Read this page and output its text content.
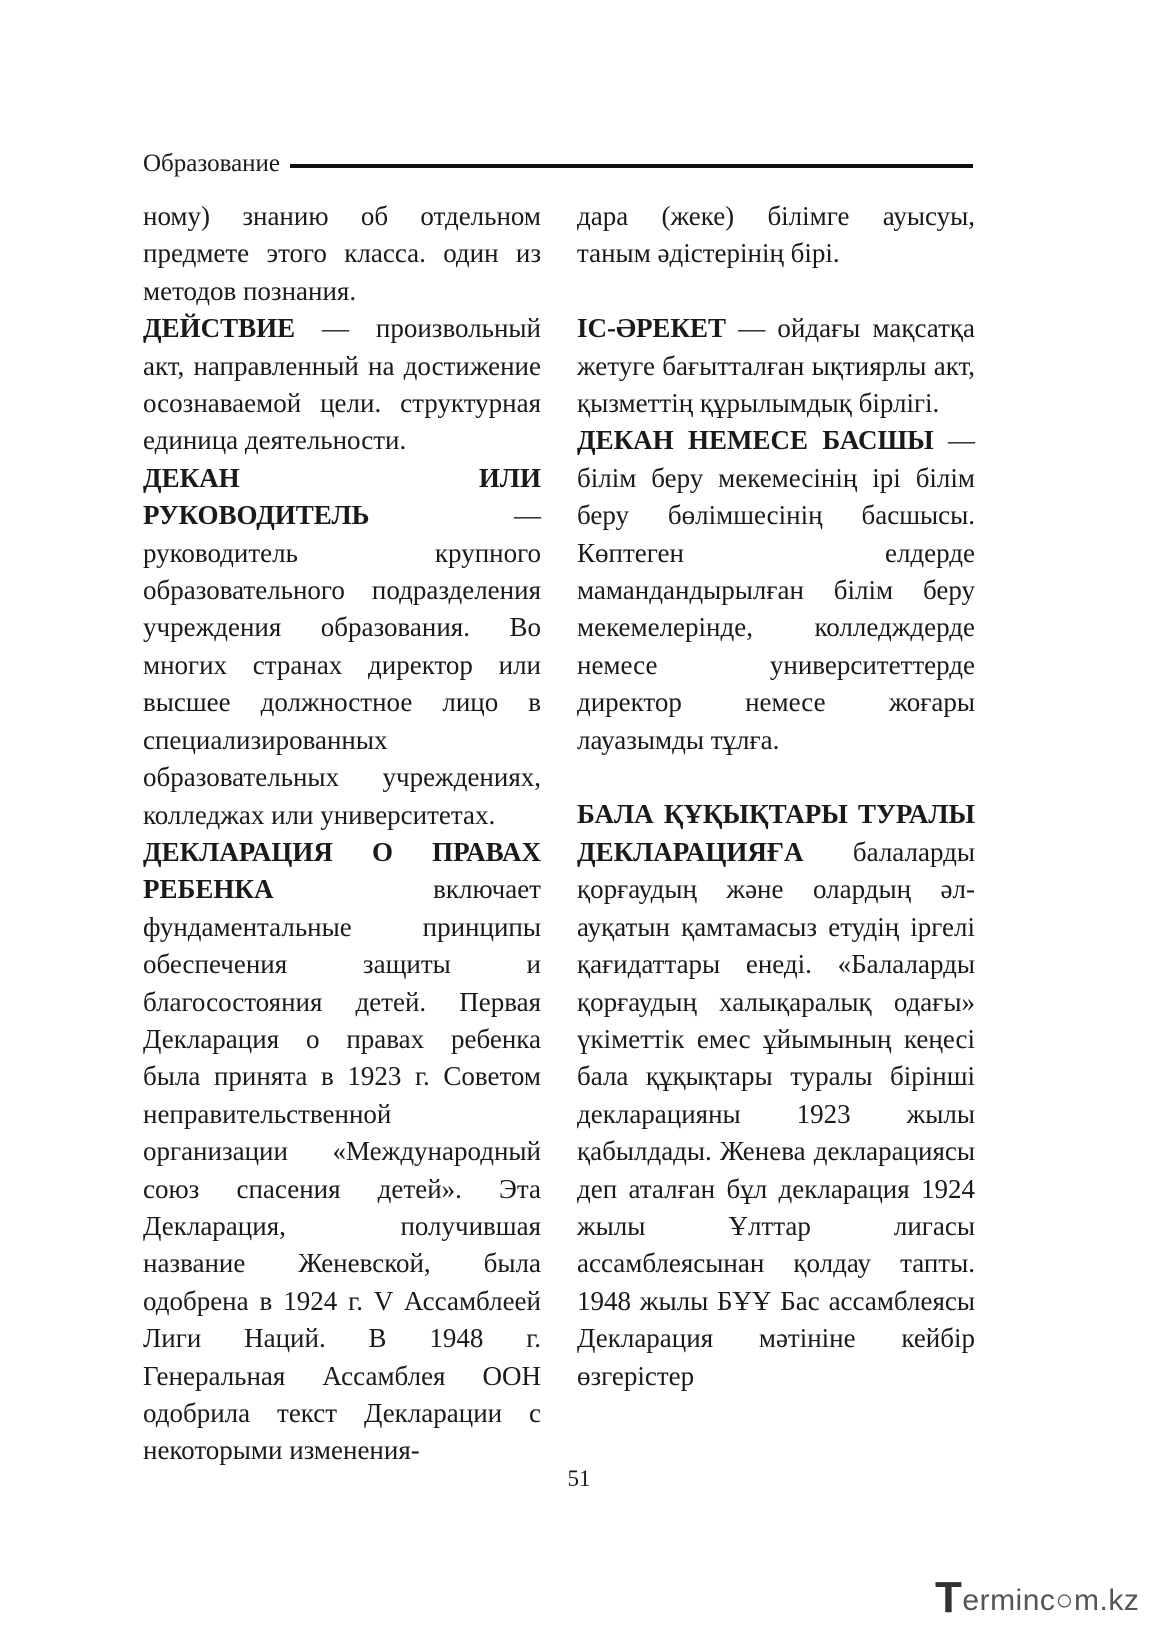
Образование

ному) знанию об отдельном предмете этого класса. один из методов познания.

ДЕЙСТВИЕ — произвольный акт, направленный на достижение осознаваемой цели. структурная единица деятельности.

ДЕКАН ИЛИ РУКОВОДИТЕЛЬ — руководитель крупного образовательного подразделения учреждения образования. Во многих странах директор или высшее должностное лицо в специализированных образовательных учреждениях, колледжах или университетах.

ДЕКЛАРАЦИЯ О ПРАВАХ РЕБЕНКА включает фундаментальные принципы обеспечения защиты и благосостояния детей. Первая Декларация о правах ребенка была принята в 1923 г. Советом неправительственной организации «Международный союз спасения детей». Эта Декларация, получившая название Женевской, была одобрена в 1924 г. V Ассамблеей Лиги Наций. В 1948 г. Генеральная Ассамблея ООН одобрила текст Декларации с некоторыми изменения-

дара (жеке) білімге ауысуы, таным әдістерінің бірі.

ІС-ӘРЕКЕТ — ойдағы мақсатқа жетуге бағытталған ықтиярлы акт, қызметтің құрылымдық бірлігі.

ДЕКАН НЕМЕСЕ БАСШЫ — білім беру мекемесінің ірі білім беру бөлімшесінің басшысы. Көптеген елдерде мамандандырылған білім беру мекемелерінде, колледждерде немесе университеттерде директор немесе жоғары лауазымды тұлға.

БАЛА ҚҰҚЫҚТАРЫ ТУРАЛЫ ДЕКЛАРАЦИЯҒА балаларды қорғаудың және олардың әл-ауқатын қамтамасыз етудің іргелі қағидаттары енеді. «Балаларды қорғаудың халықаралық одағы» үкіметтік емес ұйымының кеңесі бала құқықтары туралы бірінші декларацияны 1923 жылы қабылдады. Женева декларациясы деп аталған бұл декларация 1924 жылы Ұлттар лигасы ассамблеясынан қолдау тапты. 1948 жылы БҰҰ Бас ассамблеясы Декларация мәтініне кейбір өзгерістер

51
T erminc○m.kz
